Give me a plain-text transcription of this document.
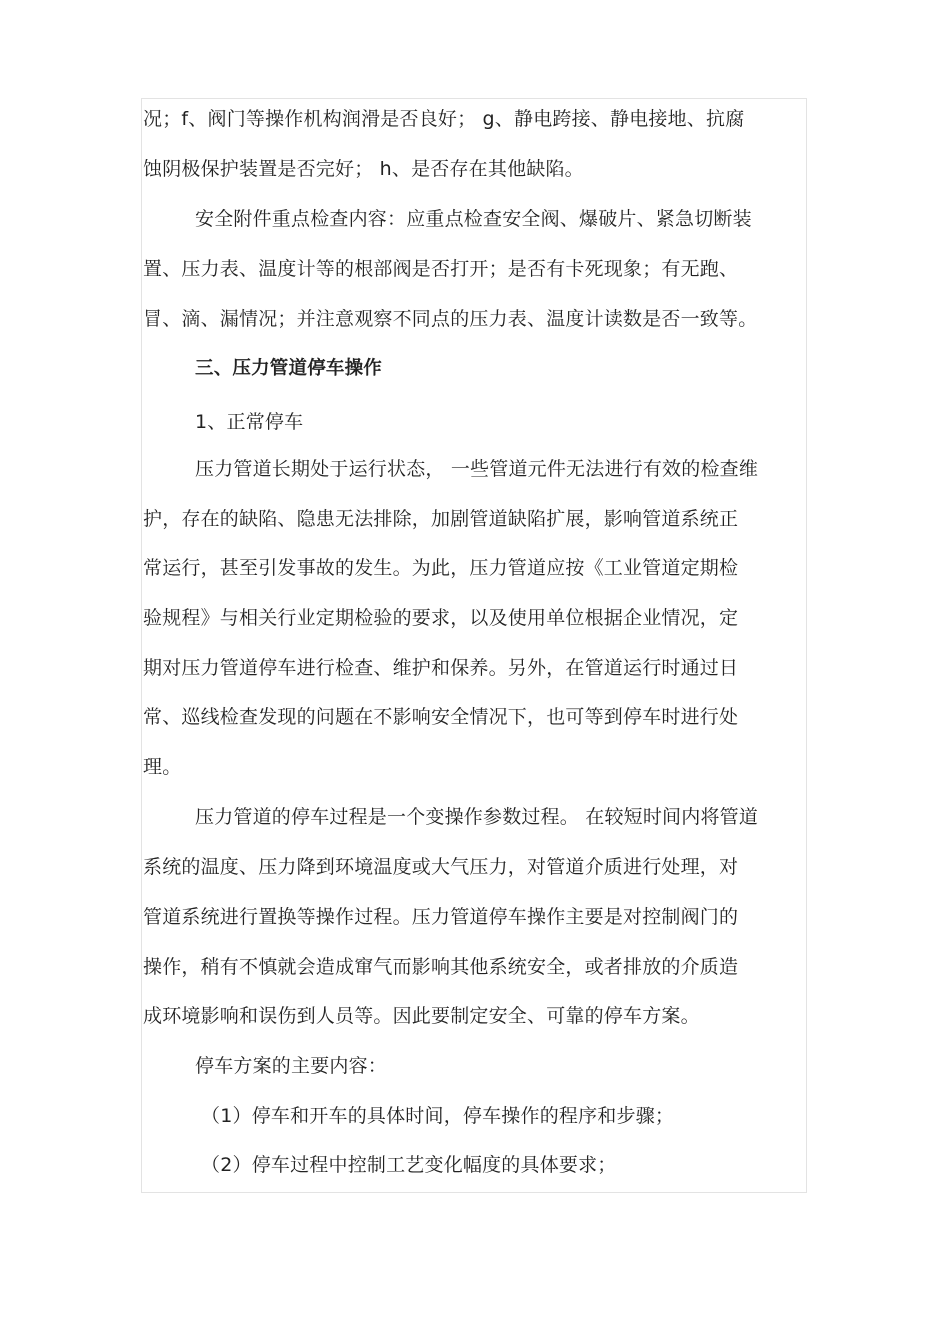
况；f、阀门等操作机构润滑是否良好； g、静电跨接、静电接地、抗腐
蚀阴极保护装置是否完好； h、是否存在其他缺陷。
安全附件重点检查内容：应重点检查安全阀、爆破片、紧急切断装
置、压力表、温度计等的根部阀是否打开；是否有卡死现象；有无跑、
冒、滴、漏情况；并注意观察不同点的压力表、温度计读数是否一致等。
三、压力管道停车操作
1、正常停车
压力管道长期处于运行状态， 一些管道元件无法进行有效的检查维
护，存在的缺陷、隐患无法排除，加剧管道缺陷扩展，影响管道系统正
常运行，甚至引发事故的发生。为此，压力管道应按《工业管道定期检
验规程》与相关行业定期检验的要求，以及使用单位根据企业情况，定
期对压力管道停车进行检查、维护和保养。另外，在管道运行时通过日
常、巡线检查发现的问题在不影响安全情况下，也可等到停车时进行处
理。
压力管道的停车过程是一个变操作参数过程。 在较短时间内将管道
系统的温度、压力降到环境温度或大气压力，对管道介质进行处理，对
管道系统进行置换等操作过程。压力管道停车操作主要是对控制阀门的
操作，稍有不慎就会造成窜气而影响其他系统安全，或者排放的介质造
成环境影响和误伤到人员等。因此要制定安全、可靠的停车方案。
停车方案的主要内容：
（1）停车和开车的具体时间，停车操作的程序和步骤；
（2）停车过程中控制工艺变化幅度的具体要求；
